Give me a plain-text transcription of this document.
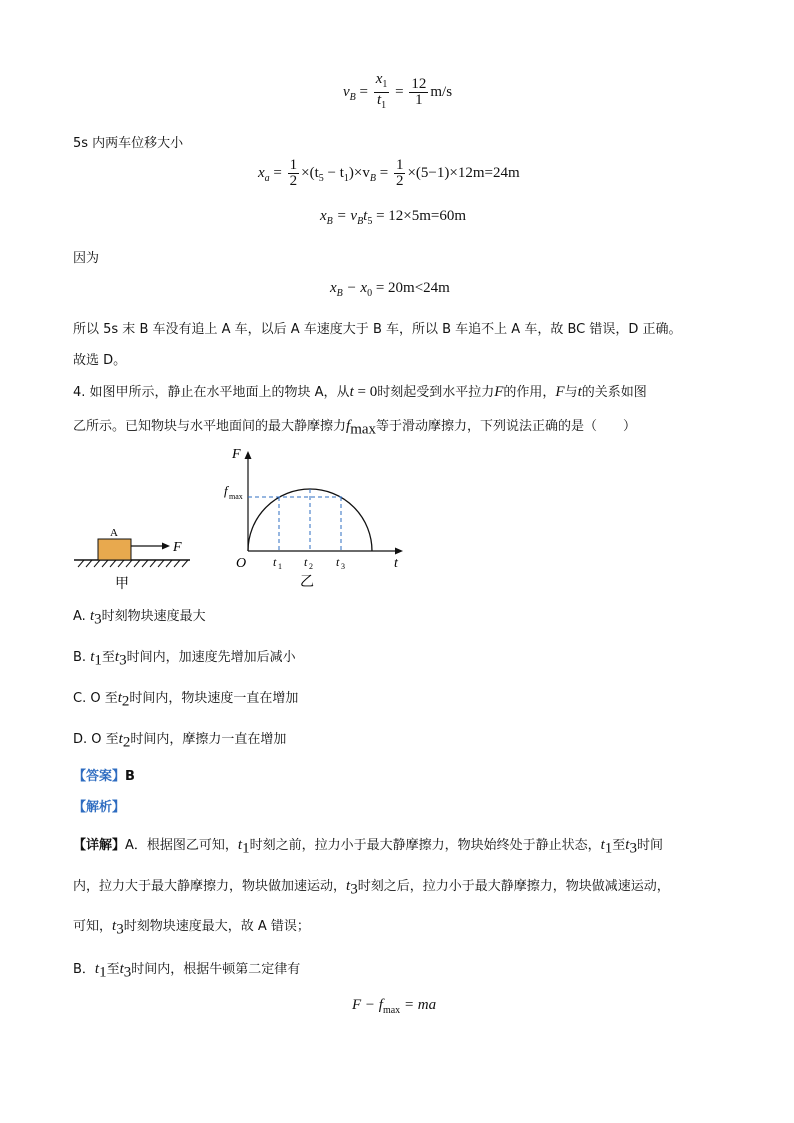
$v_B = \frac{x_1}{t_1} = \frac{12}{1} m/s$
5s 内两车位移大小
$x_a = \frac{1}{2} \times(t_5 - t_1)\times v_B = \frac{1}{2} \times(5-1)\times 12m=24m$
$x_B = v_Bt_5 = 12\times 5m=60m$
因为
$x_B - x_0 = 20m<24m$
所以 5s 末 B 车没有追上 A 车，以后 A 车速度大于 B 车，所以 B 车追不上 A 车，故 BC 错误，D 正确。
故选 D。
4. 如图甲所示，静止在水平地面上的物块 A，从t = 0时刻起受到水平拉力F的作用，F与t的关系如图
乙所示。已知物块与水平地面间的最大静摩擦力$f_{max}$等于滑动摩擦力，下列说法正确的是（　　）
A
F
甲
F
f max
O	t
t 1 t 2 t 3
乙
A. $t_3$时刻物块速度最大
B. $t_1$至$t_3$时间内，加速度先增加后减小
C. O 至$t_2$时间内，物块速度一直在增加
D. O 至$t_2$时间内，摩擦力一直在增加
【答案】B
【解析】
【详解】A．根据图乙可知，$t_1$时刻之前，拉力小于最大静摩擦力，物块始终处于静止状态，$t_1$至$t_3$时间
内，拉力大于最大静摩擦力，物块做加速运动，$t_3$时刻之后，拉力小于最大静摩擦力，物块做减速运动，
可知，$t_3$时刻物块速度最大，故 A 错误；
B．$t_1$至$t_3$时间内，根据牛顿第二定律有
$F - f_{max}$ = ma
